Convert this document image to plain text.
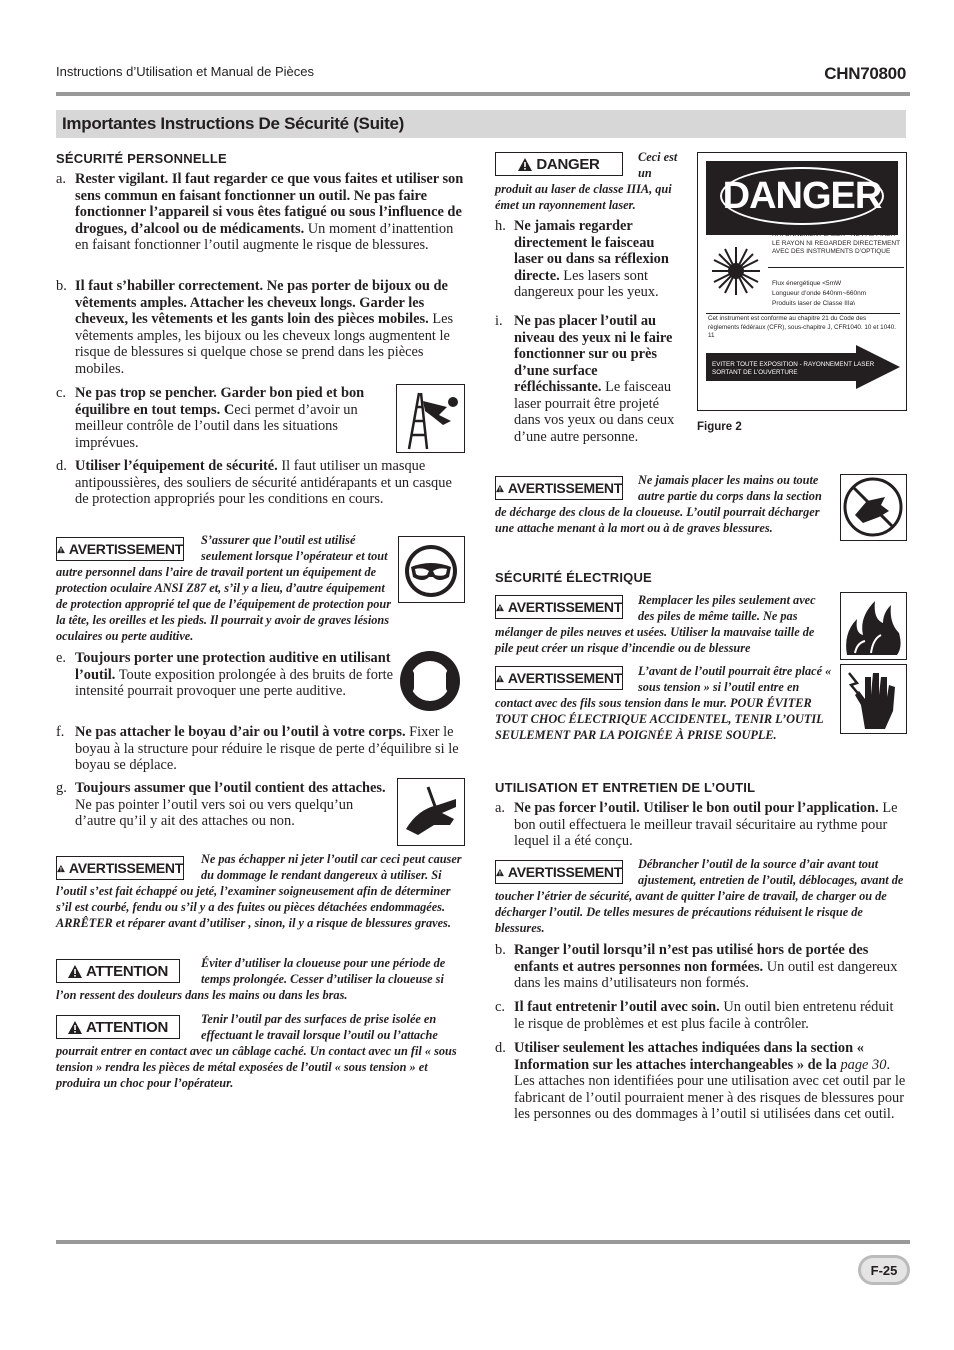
Instructions d’Utilisation et Manual de Pièces	CHN70800
Importantes Instructions De Sécurité (Suite)
SÉCURITÉ PERSONNELLE
a. Rester vigilant. Il faut regarder ce que vous faites et utiliser son sens commun en faisant fonctionner un outil. Ne pas faire fonctionner l’appareil si vous êtes fatigué ou sous l’influence de drogues, d’alcool ou de médicaments. Un moment d’inattention en faisant fonctionner l’outil augmente le risque de blessures.
b. Il faut s’habiller correctement. Ne pas porter de bijoux ou de vêtements amples. Attacher les cheveux longs. Garder les cheveux, les vêtements et les gants loin des pièces mobiles. Les vêtements amples, les bijoux ou les cheveux longs augmentent le risque de blessures si quelque chose se prend dans les pièces mobiles.
c. Ne pas trop se pencher. Garder bon pied et bon équilibre en tout temps. Ceci permet d’avoir un meilleur contrôle de l’outil dans les situations imprévues.
d. Utiliser l’équipement de sécurité. Il faut utiliser un masque antipoussières, des souliers de sécurité antidérapants et un casque de protection appropriés pour les conditions en cours.
AVERTISSEMENT
S’assurer que l’outil est utilisé seulement lorsque l’opérateur et tout autre personnel dans l’aire de travail portent un équipement de protection oculaire ANSI Z87 et, s’il y a lieu, d’autre équipement de protection approprié tel que de l’équipement de protection pour la tête, les oreilles et les pieds. Il pourrait y avoir de graves lésions oculaires ou perte auditive.
e. Toujours porter une protection auditive en utilisant l’outil. Toute exposition prolongée à des bruits de forte intensité pourrait provoquer une perte auditive.
f. Ne pas attacher le boyau d’air ou l’outil à votre corps. Fixer le boyau à la structure pour réduire le risque de perte d’équilibre si le boyau se déplace.
g. Toujours assumer que l’outil contient des attaches. Ne pas pointer l’outil vers soi ou vers quelqu’un d’autre qu’il y ait des attaches ou non.
AVERTISSEMENT
Ne pas échapper ni jeter l’outil car ceci peut causer du dommage le rendant dangereux à utiliser. Si l’outil s’est fait échappé ou jeté, l’examiner soigneusement afin de déterminer s’il est courbé, fendu ou s’il y a des fuites ou pièces détachées endommagées. ARRÊTER et réparer avant d’utiliser , sinon, il y a risque de blessures graves.
ATTENTION	Éviter d’utiliser la cloueuse pour une période de temps prolongée. Cesser d’utiliser la cloueuse si l’on ressent des douleurs dans les mains ou dans les bras.
ATTENTION	Tenir l’outil par des surfaces de prise isolée en effectuant le travail lorsque l’outil ou l’attache pourrait entrer en contact avec un câblage caché. Un contact avec un fil « sous tension » rendra les pièces de métal exposées de l’outil « sous tension » et produira un choc pour l’opérateur.
DANGER	Ceci est un produit au laser de classe IIIA, qui émet un rayonnement laser.
h. Ne jamais regarder directement le faisceau laser ou dans sa réflexion directe. Les lasers sont dangereux pour les yeux.
i. Ne pas placer l’outil au niveau des yeux ni le faire fonctionner sur ou près d’une surface réfléchissante. Le faisceau laser pourrait être projeté dans vos yeux ou dans ceux d’une autre personne.
DANGER
RAYONNEMENT LASER - NE PAS FIXER LE RAYON NI REGARDER DIRECTEMENT AVEC DES INSTRUMENTS D’OPTIQUE
Flux énergétique <5mW
Longueur d’onde 640nm~660nm
Produits laser de Classe IIIa\
Cet instrument est conforme au chapitre 21 du Code des règlements fédéraux (CFR), sous-chapitre J, CFR1040. 10 et 1040. 11
EVITER TOUTE EXPOSITION - RAYONNEMENT LASER SORTANT DE L’OUVERTURE
Figure 2
AVERTISSEMENT	Ne jamais placer les mains ou toute autre partie du corps dans la section de décharge des clous de la cloueuse. L’outil pourrait décharger une attache menant à la mort ou à de graves blessures.
SÉCURITÉ ÉLECTRIQUE
AVERTISSEMENT	Remplacer les piles seulement avec des piles de même taille. Ne pas mélanger de piles neuves et usées. Utiliser la mauvaise taille de pile peut créer un risque d’incendie ou de blessure
AVERTISSEMENT	L’avant de l’outil pourrait être placé « sous tension » si l’outil entre en contact avec des fils sous tension dans le mur. POUR ÉVITER TOUT CHOC ÉLECTRIQUE ACCIDENTEL, TENIR L’OUTIL SEULEMENT PAR LA POIGNÉE À PRISE SOUPLE.
UTILISATION ET ENTRETIEN DE L’OUTIL
a. Ne pas forcer l’outil. Utiliser le bon outil pour l’application. Le bon outil effectuera le meilleur travail sécuritaire au rythme pour lequel il a été conçu.
AVERTISSEMENT	Débrancher l’outil de la source d’air avant tout ajustement, entretien de l’outil, déblocages, avant de toucher l’étrier de sécurité, avant de quitter l’aire de travail, de charger ou de décharger l’outil. De telles mesures de précautions réduisent le risque de blessures.
b. Ranger l’outil lorsqu’il n’est pas utilisé hors de portée des enfants et autres personnes non formées. Un outil est dangereux dans les mains d’utilisateurs non formés.
c. Il faut entretenir l’outil avec soin. Un outil bien entretenu réduit le risque de problèmes et est plus facile à contrôler.
d. Utiliser seulement les attaches indiquées dans la section « Information sur les attaches interchangeables » de la page 30. Les attaches non identifiées pour une utilisation avec cet outil par le fabricant de l’outil pourraient mener à des risques de blessures pour les personnes ou des dommages à l’outil si utilisées dans cet outil.
F-25
